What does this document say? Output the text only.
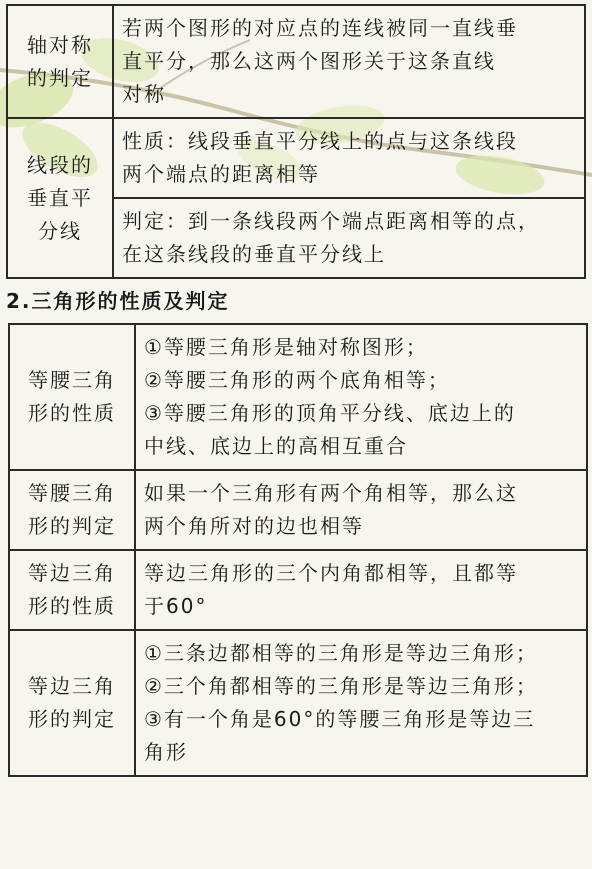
轴对称
的判定	若两个图形的对应点的连线被同一直线垂
直平分，那么这两个图形关于这条直线
对称

线段的
垂直平
分线	性质：线段垂直平分线上的点与这条线段
两个端点的距离相等

	判定：到一条线段两个端点距离相等的点，
在这条线段的垂直平分线上
2.三角形的性质及判定
等腰三角
形的性质	①等腰三角形是轴对称图形；
②等腰三角形的两个底角相等；
③等腰三角形的顶角平分线、底边上的
中线、底边上的高相互重合

等腰三角
形的判定	如果一个三角形有两个角相等，那么这
两个角所对的边也相等

等边三角
形的性质	等边三角形的三个内角都相等，且都等
于60°

等边三角
形的判定	①三条边都相等的三角形是等边三角形；
②三个角都相等的三角形是等边三角形；
③有一个角是60°的等腰三角形是等边三
角形
